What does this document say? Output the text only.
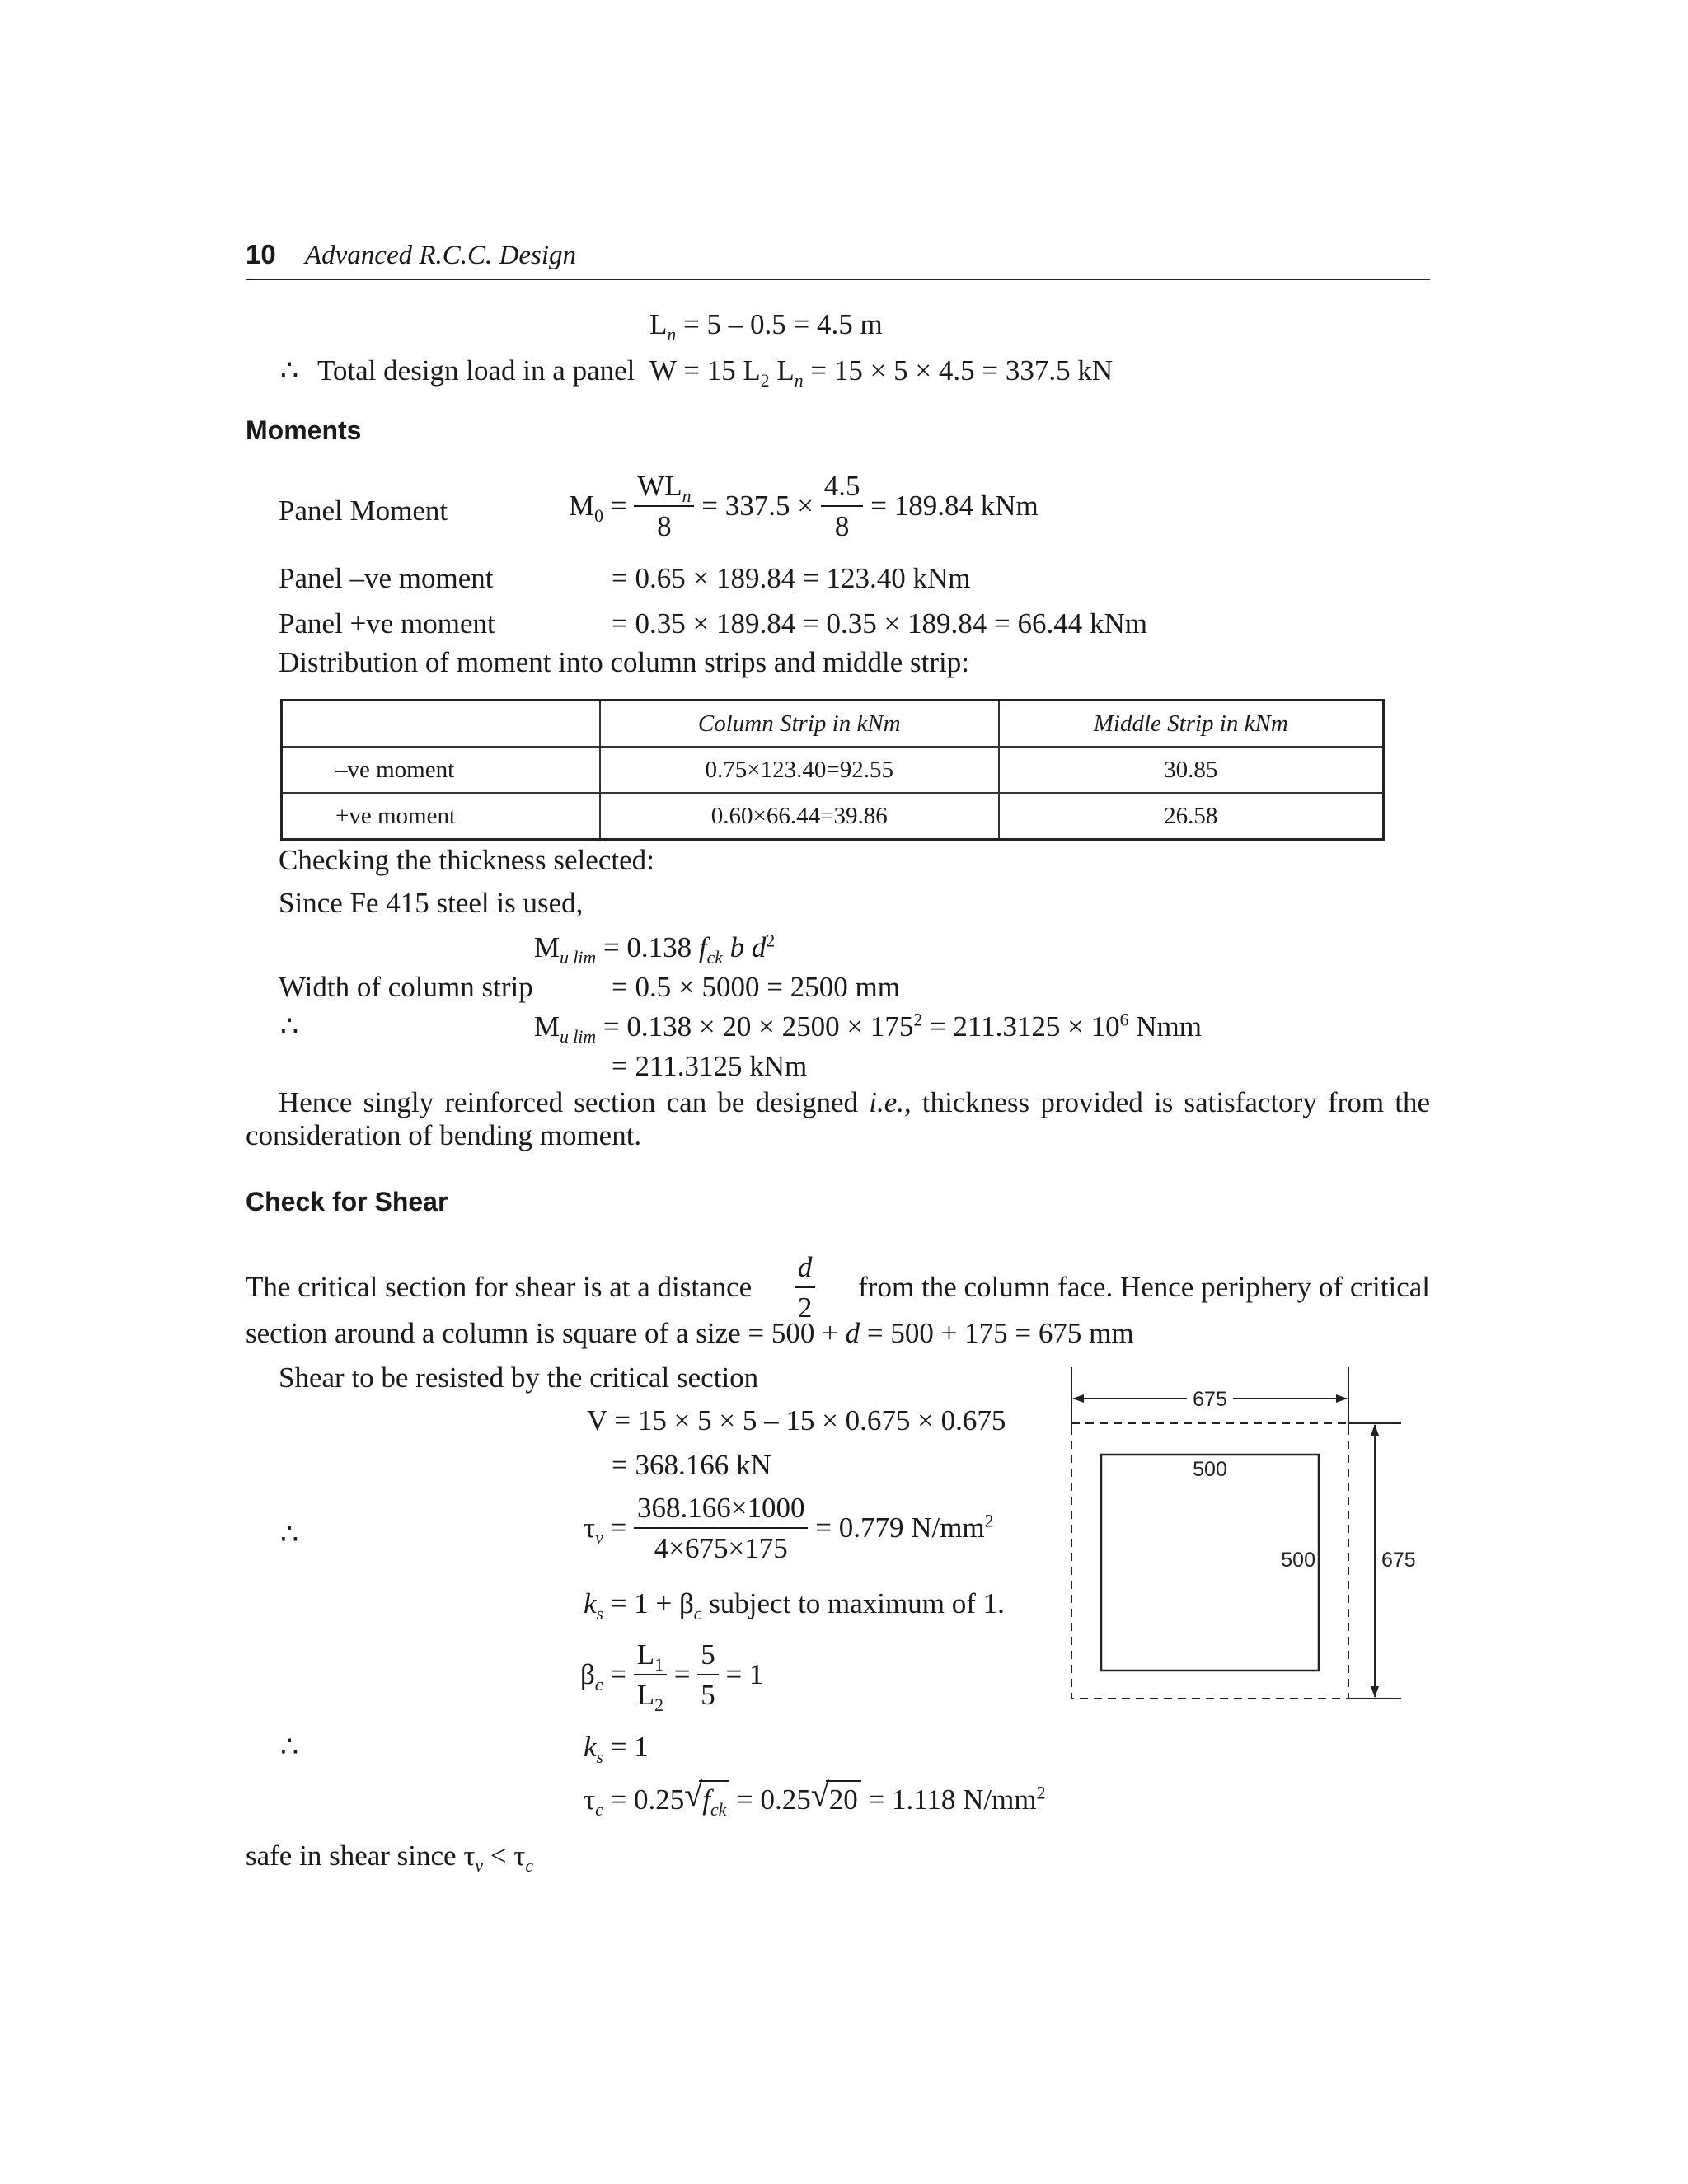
10 Advanced R.C.C. Design
$L_n = 5 - 0.5 = 4.5$ m
∴ Total design load in a panel W = 15 $L_2$ $L_n = 15 \times 5 \times 4.5 = 337.5$ kN
Moments
Panel Moment	$M_0 = \frac{WL_n}{8} = 337.5 \times \frac{4.5}{8} = 189.84$ kNm
Panel –ve moment	= 0.65 × 189.84 = 123.40 kNm
Panel +ve moment	= 0.35 × 189.84 = 0.35 × 189.84 = 66.44 kNm
Distribution of moment into column strips and middle strip:
	Column Strip in kNm	Middle Strip in kNm
–ve moment	0.75×123.40=92.55	30.85
+ve moment	0.60×66.44=39.86	26.58
Checking the thickness selected:
Since Fe 415 steel is used,
$M_{u lim} = 0.138$ $f_{ck}$ b $d^2$
Width of column strip	= 0.5 × 5000 = 2500 mm
∴	$M_{u lim} = 0.138 \times 20 \times 2500 \times 175^2 = 211.3125 \times 10^6$ Nmm
= 211.3125 kNm
Hence singly reinforced section can be designed i.e., thickness provided is satisfactory from the
consideration of bending moment.
Check for Shear
The critical section for shear is at a distance $\frac{d}{2}$ from the column face. Hence periphery of critical
section around a column is square of a size = 500 + d = 500 + 175 = 675 mm
Shear to be resisted by the critical section
V = 15 × 5 × 5 – 15 × 0.675 × 0.675
= 368.166 kN
∴	$\tau_v = \frac{368.166\times 1000}{4\times 675\times 175} = 0.779$ $N/mm^2$
$k_s = 1 + \beta_c$ subject to maximum of 1.
$\beta_c = \frac{L_1}{L_2} = \frac{5}{5} = 1$
∴	$k_s = 1$
$\tau_c = 0.25$ √ $f_{ck} = 0.25$ √ 20 = 1.118 $N/mm^2$
safe in shear since $\tau_v < \tau_c$
675
500
500	675
